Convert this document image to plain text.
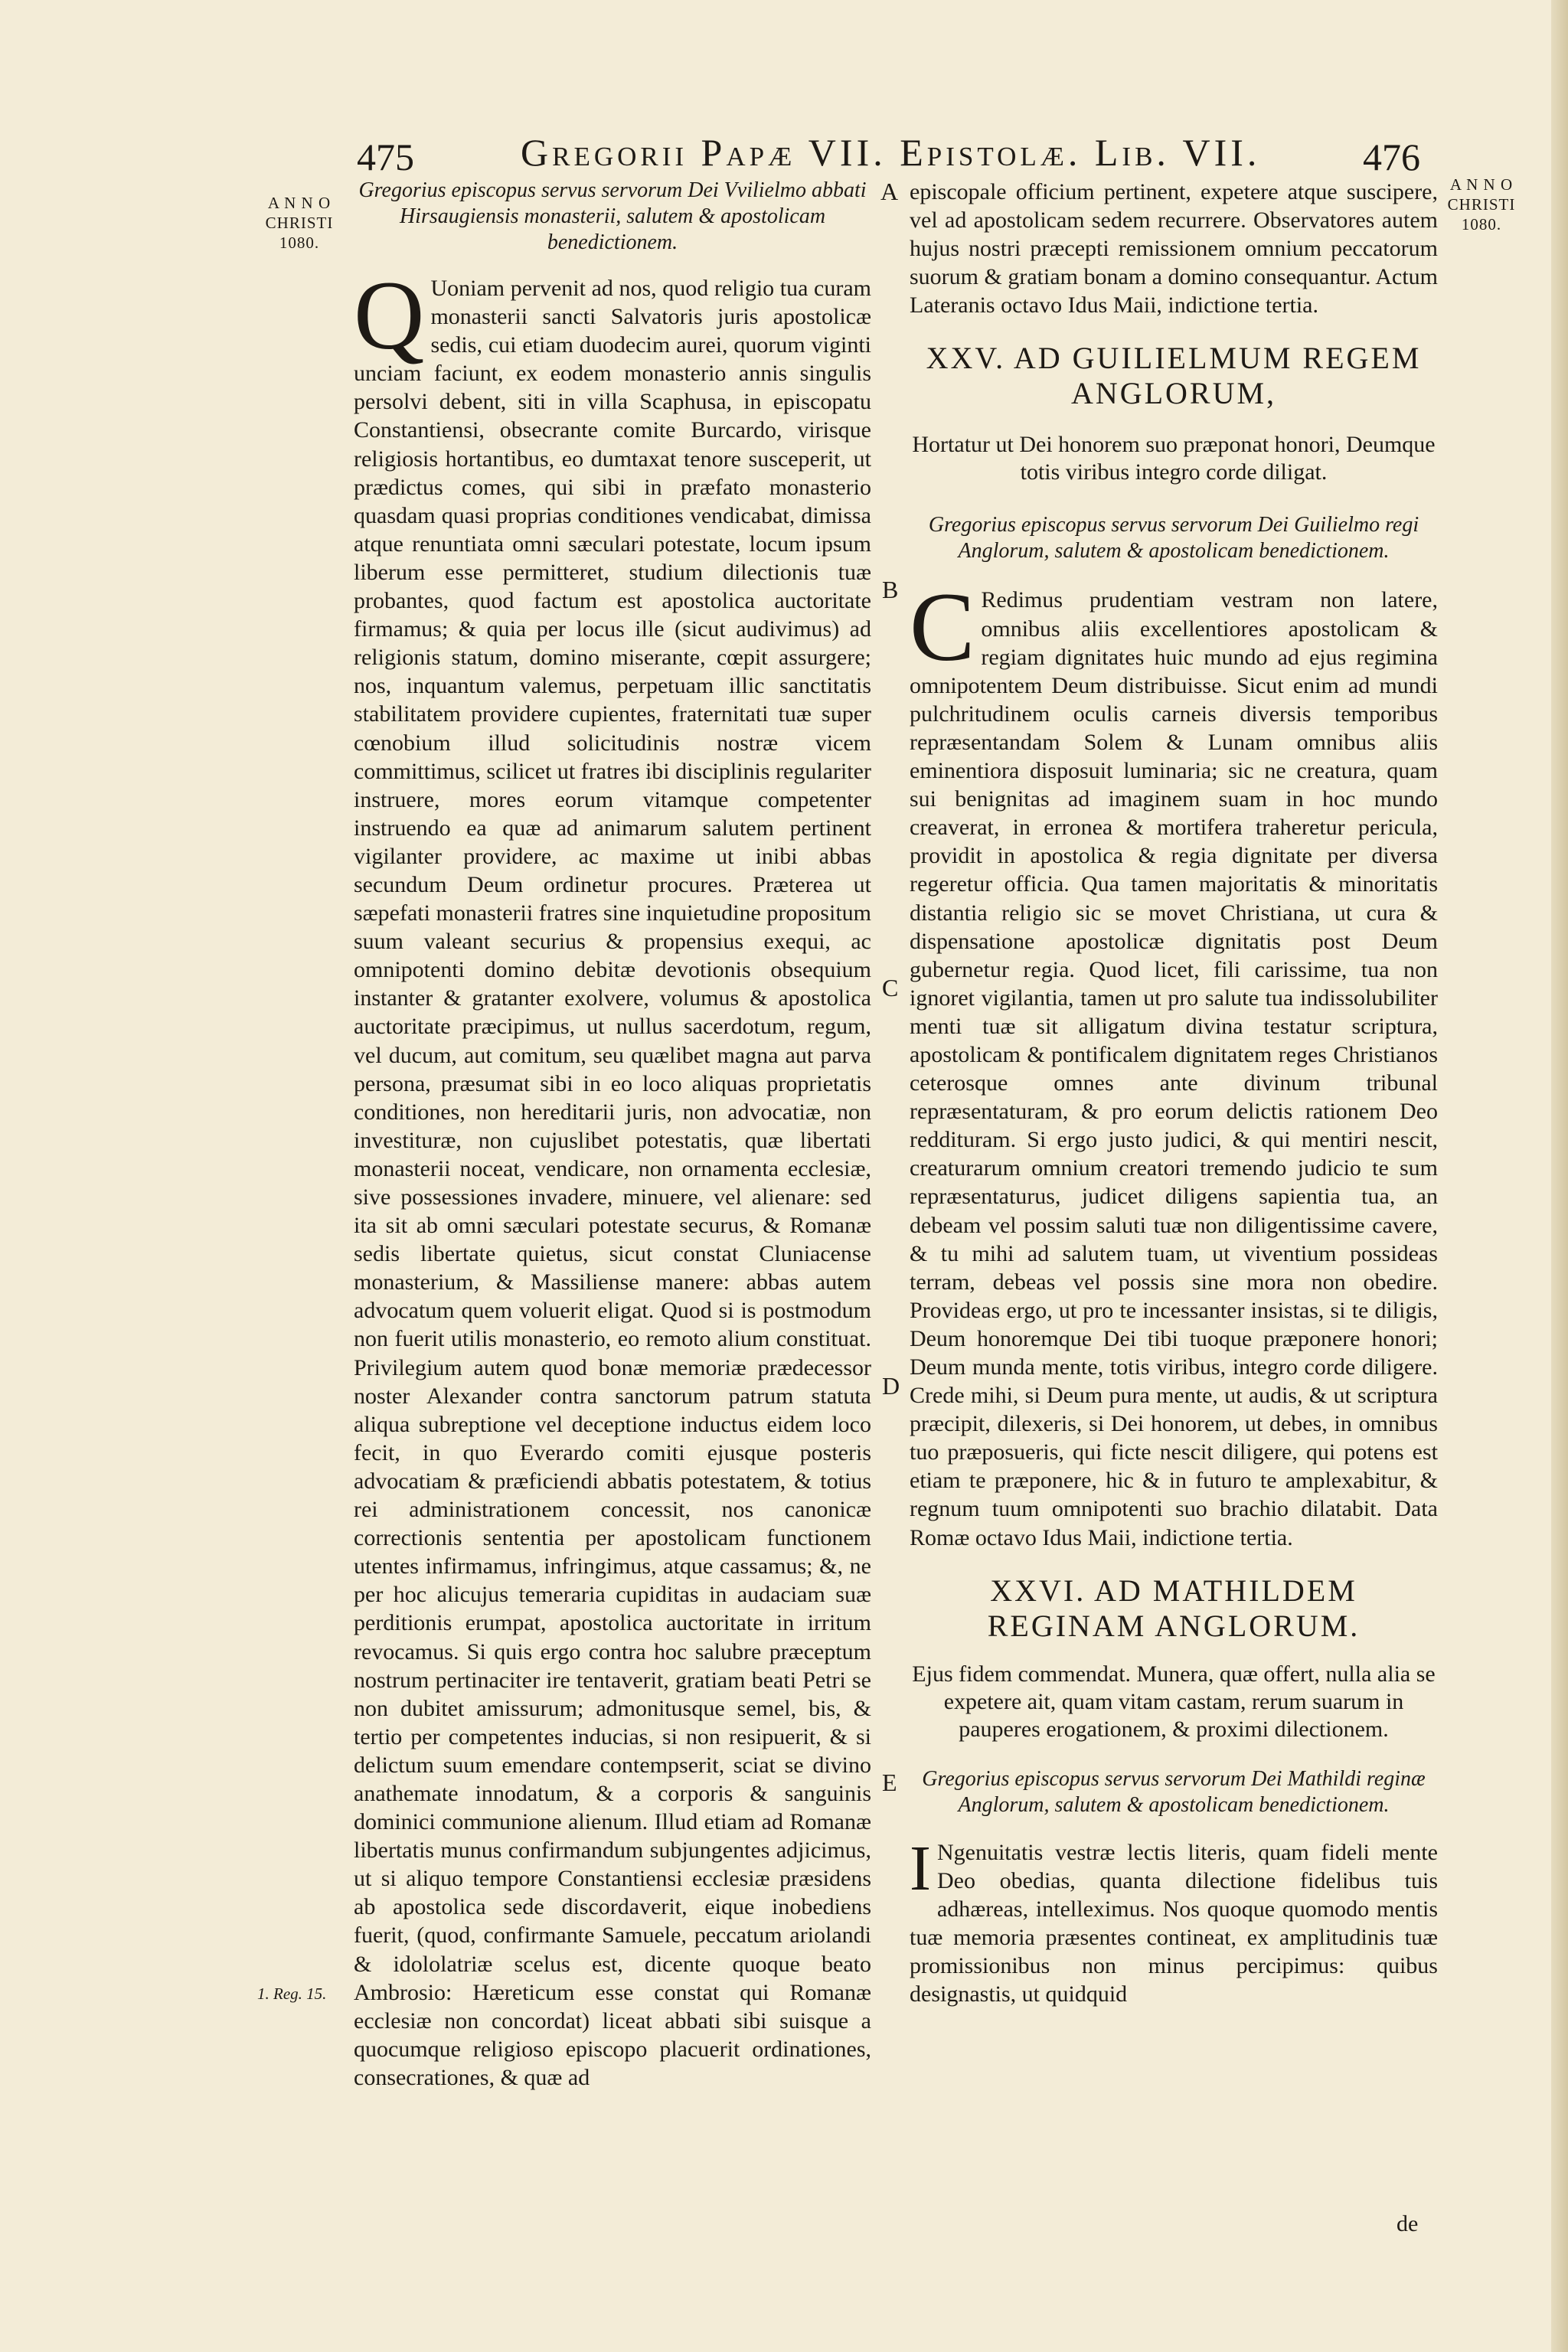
475	Gregorii Papæ VII. Epistolæ. Lib. VII.	476
A N N O
CHRISTI
1080.
A N N O
CHRISTI
1080.
1. Reg. 15.
A
B
C
D
E
Gregorius episcopus servus servorum Dei Vvilielmo abbati Hirsaugiensis monasterii, salutem & apostolicam benedictionem.

Q Uoniam pervenit ad nos, quod religio tua curam monasterii sancti Salvatoris juris apostolicæ sedis, cui etiam duodecim aurei, quorum viginti unciam faciunt, ex eodem monasterio annis singulis persolvi debent, siti in villa Scaphusa, in episcopatu Constantiensi, obsecrante comite Burcardo, virisque religiosis hortantibus, eo dumtaxat tenore susceperit, ut prædictus comes, qui sibi in præfato monasterio quasdam quasi proprias conditiones vendicabat, dimissa atque renuntiata omni sæculari potestate, locum ipsum liberum esse permitteret, studium dilectionis tuæ probantes, quod factum est apostolica auctoritate firmamus; & quia per locus ille (sicut audivimus) ad religionis statum, domino miserante, cœpit assurgere; nos, inquantum valemus, perpetuam illic sanctitatis stabilitatem providere cupientes, fraternitati tuæ super cœnobium illud solicitudinis nostræ vicem committimus, scilicet ut fratres ibi disciplinis regulariter instruere, mores eorum vitamque competenter instruendo ea quæ ad animarum salutem pertinent vigilanter providere, ac maxime ut inibi abbas secundum Deum ordinetur procures. Præterea ut sæpefati monasterii fratres sine inquietudine propositum suum valeant securius & propensius exequi, ac omnipotenti domino debitæ devotionis obsequium instanter & gratanter exolvere, volumus & apostolica auctoritate præcipimus, ut nullus sacerdotum, regum, vel ducum, aut comitum, seu quælibet magna aut parva persona, præsumat sibi in eo loco aliquas proprietatis conditiones, non hereditarii juris, non advocatiæ, non investituræ, non cujuslibet potestatis, quæ libertati monasterii noceat, vendicare, non ornamenta ecclesiæ, sive possessiones invadere, minuere, vel alienare: sed ita sit ab omni sæculari potestate securus, & Romanæ sedis libertate quietus, sicut constat Cluniacense monasterium, & Massiliense manere: abbas autem advocatum quem voluerit eligat. Quod si is postmodum non fuerit utilis monasterio, eo remoto alium constituat. Privilegium autem quod bonæ memoriæ prædecessor noster Alexander contra sanctorum patrum statuta aliqua subreptione vel deceptione inductus eidem loco fecit, in quo Everardo comiti ejusque posteris advocatiam & præficiendi abbatis potestatem, & totius rei administrationem concessit, nos canonicæ correctionis sententia per apostolicam functionem utentes infirmamus, infringimus, atque cassamus; &, ne per hoc alicujus temeraria cupiditas in audaciam suæ perditionis erumpat, apostolica auctoritate in irritum revocamus. Si quis ergo contra hoc salubre præceptum nostrum pertinaciter ire tentaverit, gratiam beati Petri se non dubitet amissurum; admonitusque semel, bis, & tertio per competentes inducias, si non resipuerit, & si delictum suum emendare contempserit, sciat se divino anathemate innodatum, & a corporis & sanguinis dominici communione alienum. Illud etiam ad Romanæ libertatis munus confirmandum subjungentes adjicimus, ut si aliquo tempore Constantiensi ecclesiæ præsidens ab apostolica sede discordaverit, eique inobediens fuerit, (quod, confirmante Samuele, peccatum ariolandi & idololatriæ scelus est, dicente quoque beato Ambrosio: Hæreticum esse constat qui Romanæ ecclesiæ non concordat) liceat abbati sibi suisque a quocumque religioso episcopo placuerit ordinationes, consecrationes, & quæ ad

episcopale officium pertinent, expetere atque suscipere, vel ad apostolicam sedem recurrere. Observatores autem hujus nostri præcepti remissionem omnium peccatorum suorum & gratiam bonam a domino consequantur. Actum Lateranis octavo Idus Maii, indictione tertia.

XXV. AD GUILIELMUM REGEM ANGLORUM,
Hortatur ut Dei honorem suo præponat honori, Deumque totis viribus integro corde diligat.
Gregorius episcopus servus servorum Dei Guilielmo regi Anglorum, salutem & apostolicam benedictionem.

C Redimus prudentiam vestram non latere, omnibus aliis excellentiores apostolicam & regiam dignitates huic mundo ad ejus regimina omnipotentem Deum distribuisse. Sicut enim ad mundi pulchritudinem oculis carneis diversis temporibus repræsentandam Solem & Lunam omnibus aliis eminentiora disposuit luminaria; sic ne creatura, quam sui benignitas ad imaginem suam in hoc mundo creaverat, in erronea & mortifera traheretur pericula, providit in apostolica & regia dignitate per diversa regeretur officia. Qua tamen majoritatis & minoritatis distantia religio sic se movet Christiana, ut cura & dispensatione apostolicæ dignitatis post Deum gubernetur regia. Quod licet, fili carissime, tua non ignoret vigilantia, tamen ut pro salute tua indissolubiliter menti tuæ sit alligatum divina testatur scriptura, apostolicam & pontificalem dignitatem reges Christianos ceterosque omnes ante divinum tribunal repræsentaturam, & pro eorum delictis rationem Deo reddituram. Si ergo justo judici, & qui mentiri nescit, creaturarum omnium creatori tremendo judicio te sum repræsentaturus, judicet diligens sapientia tua, an debeam vel possim saluti tuæ non diligentissime cavere, & tu mihi ad salutem tuam, ut viventium possideas terram, debeas vel possis sine mora non obedire. Provideas ergo, ut pro te incessanter insistas, si te diligis, Deum honoremque Dei tibi tuoque præponere honori; Deum munda mente, totis viribus, integro corde diligere. Crede mihi, si Deum pura mente, ut audis, & ut scriptura præcipit, dilexeris, si Dei honorem, ut debes, in omnibus tuo præposueris, qui ficte nescit diligere, qui potens est etiam te præponere, hic & in futuro te amplexabitur, & regnum tuum omnipotenti suo brachio dilatabit. Data Romæ octavo Idus Maii, indictione tertia.

XXVI. AD MATHILDEM REGINAM ANGLORUM.
Ejus fidem commendat. Munera, quæ offert, nulla alia se expetere ait, quam vitam castam, rerum suarum in pauperes erogationem, & proximi dilectionem.
Gregorius episcopus servus servorum Dei Mathildi reginæ Anglorum, salutem & apostolicam benedictionem.

I Ngenuitatis vestræ lectis literis, quam fideli mente Deo obedias, quanta dilectione fidelibus tuis adhæreas, intelleximus. Nos quoque quomodo mentis tuæ memoria præsentes contineat, ex amplitudinis tuæ promissionibus non minus percipimus: quibus designastis, ut quidquid

de
